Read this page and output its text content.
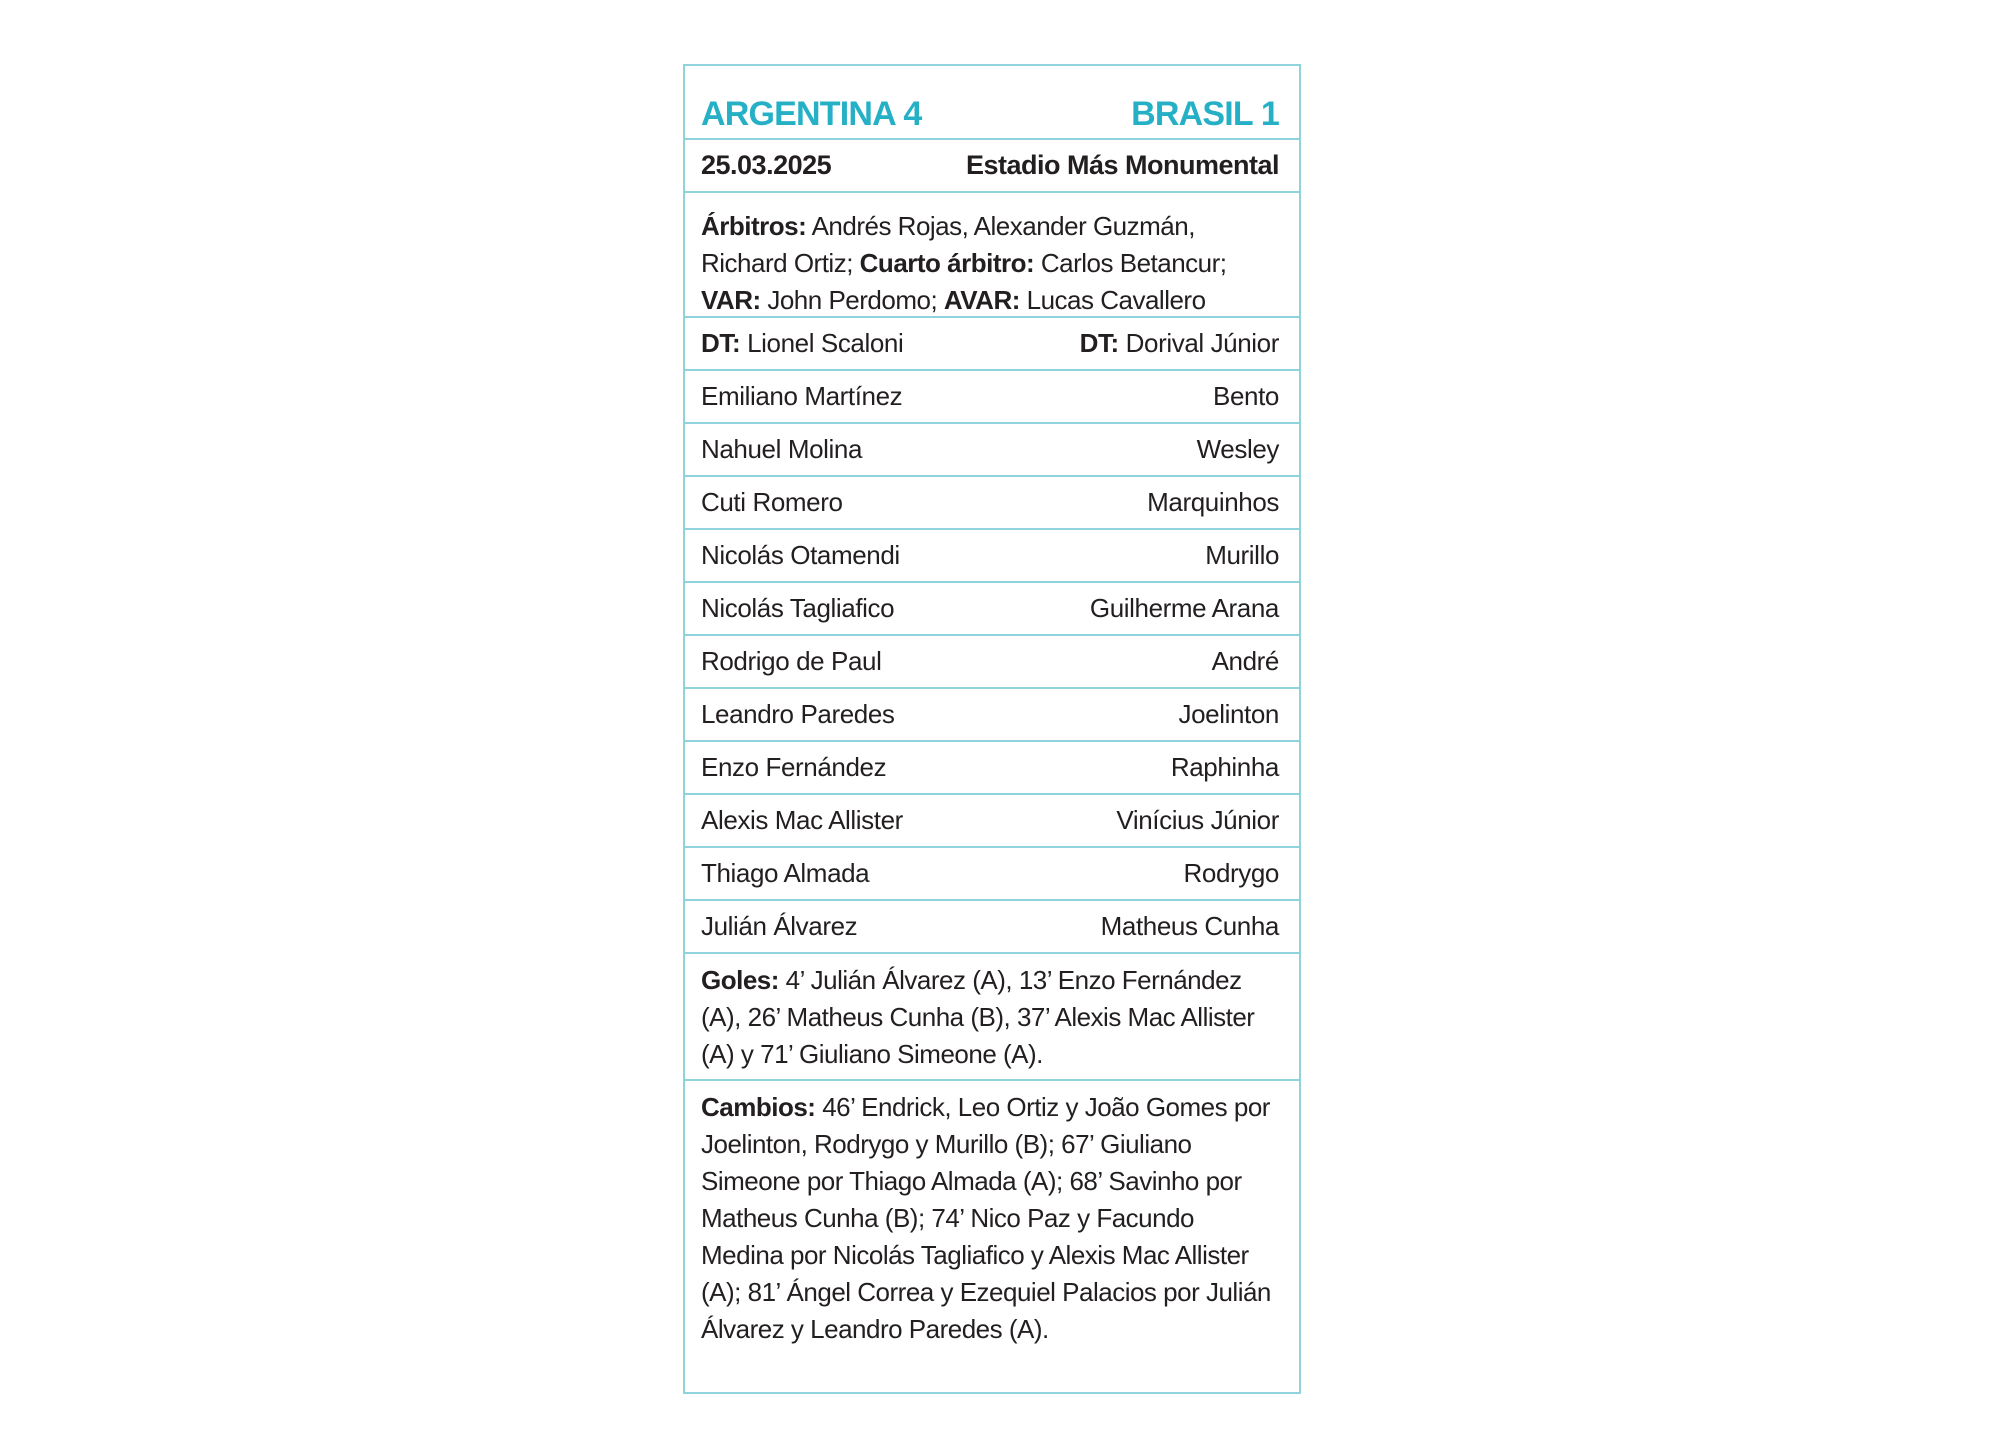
ARGENTINA 4	BRASIL 1
25.03.2025	Estadio Más Monumental
Árbitros: Andrés Rojas, Alexander Guzmán, Richard Ortiz; Cuarto árbitro: Carlos Betancur; VAR: John Perdomo; AVAR: Lucas Cavallero
DT: Lionel Scaloni	DT: Dorival Júnior
Emiliano Martínez	Bento
Nahuel Molina	Wesley
Cuti Romero	Marquinhos
Nicolás Otamendi	Murillo
Nicolás Tagliafico	Guilherme Arana
Rodrigo de Paul	André
Leandro Paredes	Joelinton
Enzo Fernández	Raphinha
Alexis Mac Allister	Vinícius Júnior
Thiago Almada	Rodrygo
Julián Álvarez	Matheus Cunha
Goles: 4’ Julián Álvarez (A), 13’ Enzo Fernández (A), 26’ Matheus Cunha (B), 37’ Alexis Mac Allister (A) y 71’ Giuliano Simeone (A).
Cambios: 46’ Endrick, Leo Ortiz y João Gomes por Joelinton, Rodrygo y Murillo (B); 67’ Giuliano Simeone por Thiago Almada (A); 68’ Savinho por Matheus Cunha (B); 74’ Nico Paz y Facundo Medina por Nicolás Tagliafico y Alexis Mac Allister (A); 81’ Ángel Correa y Ezequiel Palacios por Julián Álvarez y Leandro Paredes (A).
